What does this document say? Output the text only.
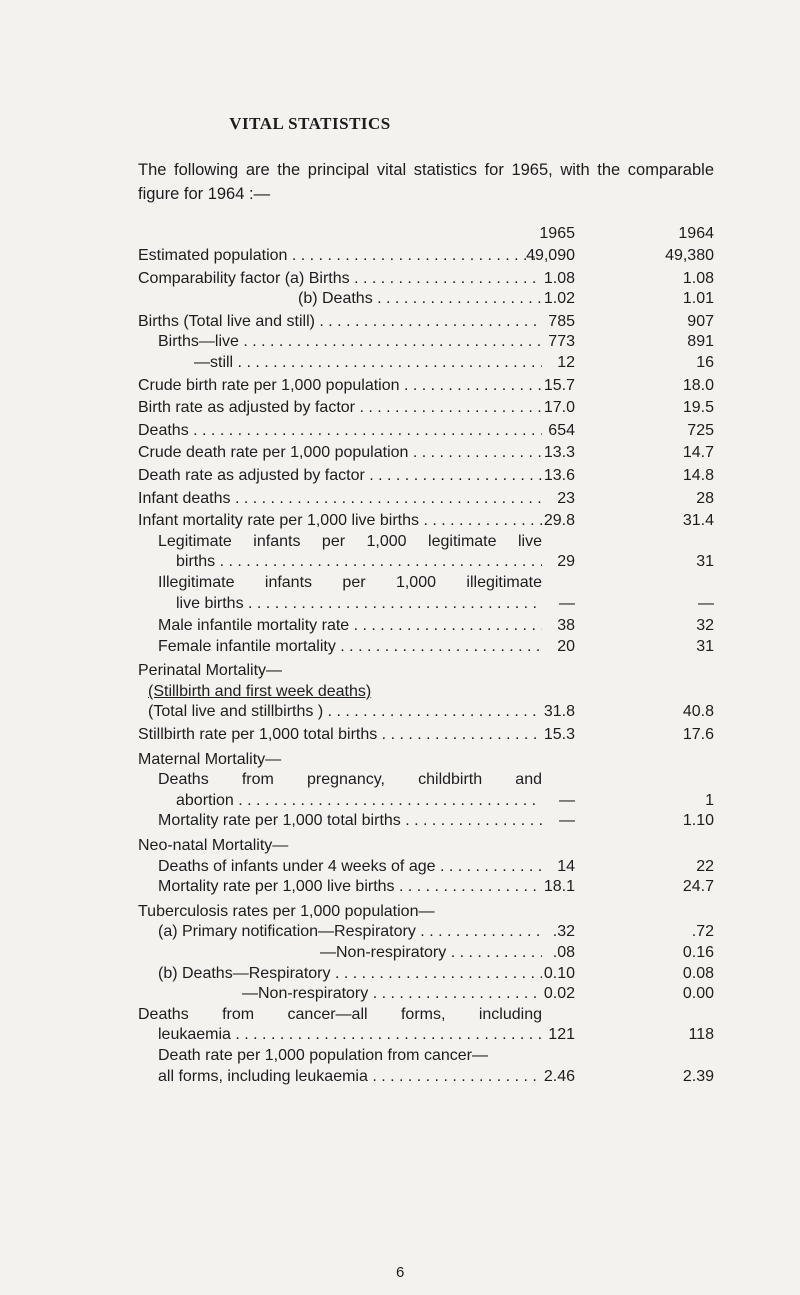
VITAL STATISTICS
The following are the principal vital statistics for 1965, with the comparable figure for 1964 :—
1965	1964
Estimated population . . .	49,090	49,380
Comparability factor (a) Births . . .	1.08	1.08
(b) Deaths . . .	1.02	1.01
Births (Total live and still) . . .	785	907
Births—live . . .	773	891
—still . . .	12	16
Crude birth rate per 1,000 population . . .	15.7	18.0
Birth rate as adjusted by factor . . .	17.0	19.5
Deaths . . .	654	725
Crude death rate per 1,000 population . . .	13.3	14.7
Death rate as adjusted by factor . . .	13.6	14.8
Infant deaths . . .	23	28
Infant mortality rate per 1,000 live births . . .	29.8	31.4
Legitimate infants per 1,000 legitimate live
births . . .	29	31
Illegitimate infants per 1,000 illegitimate
live births . . .	—	—
Male infantile mortality rate . . .	38	32
Female infantile mortality . . .	20	31
Perinatal Mortality—
(Stillbirth and first week deaths)
(Total live and stillbirths ) . . .	31.8	40.8
Stillbirth rate per 1,000 total births . . .	15.3	17.6
Maternal Mortality—
Deaths from pregnancy, childbirth and
abortion . . .	—	1
Mortality rate per 1,000 total births . . .	—	1.10
Neo-natal Mortality—
Deaths of infants under 4 weeks of age . . .	14	22
Mortality rate per 1,000 live births . . .	18.1	24.7
Tuberculosis rates per 1,000 population—
(a) Primary notification—Respiratory . . .	.32	.72
—Non-respiratory . . .	.08	0.16
(b) Deaths—Respiratory . . .	0.10	0.08
—Non-respiratory . . .	0.02	0.00
Deaths from cancer—all forms, including
leukaemia . . .	121	118
Death rate per 1,000 population from cancer—
all forms, including leukaemia . . .	2.46	2.39
6
